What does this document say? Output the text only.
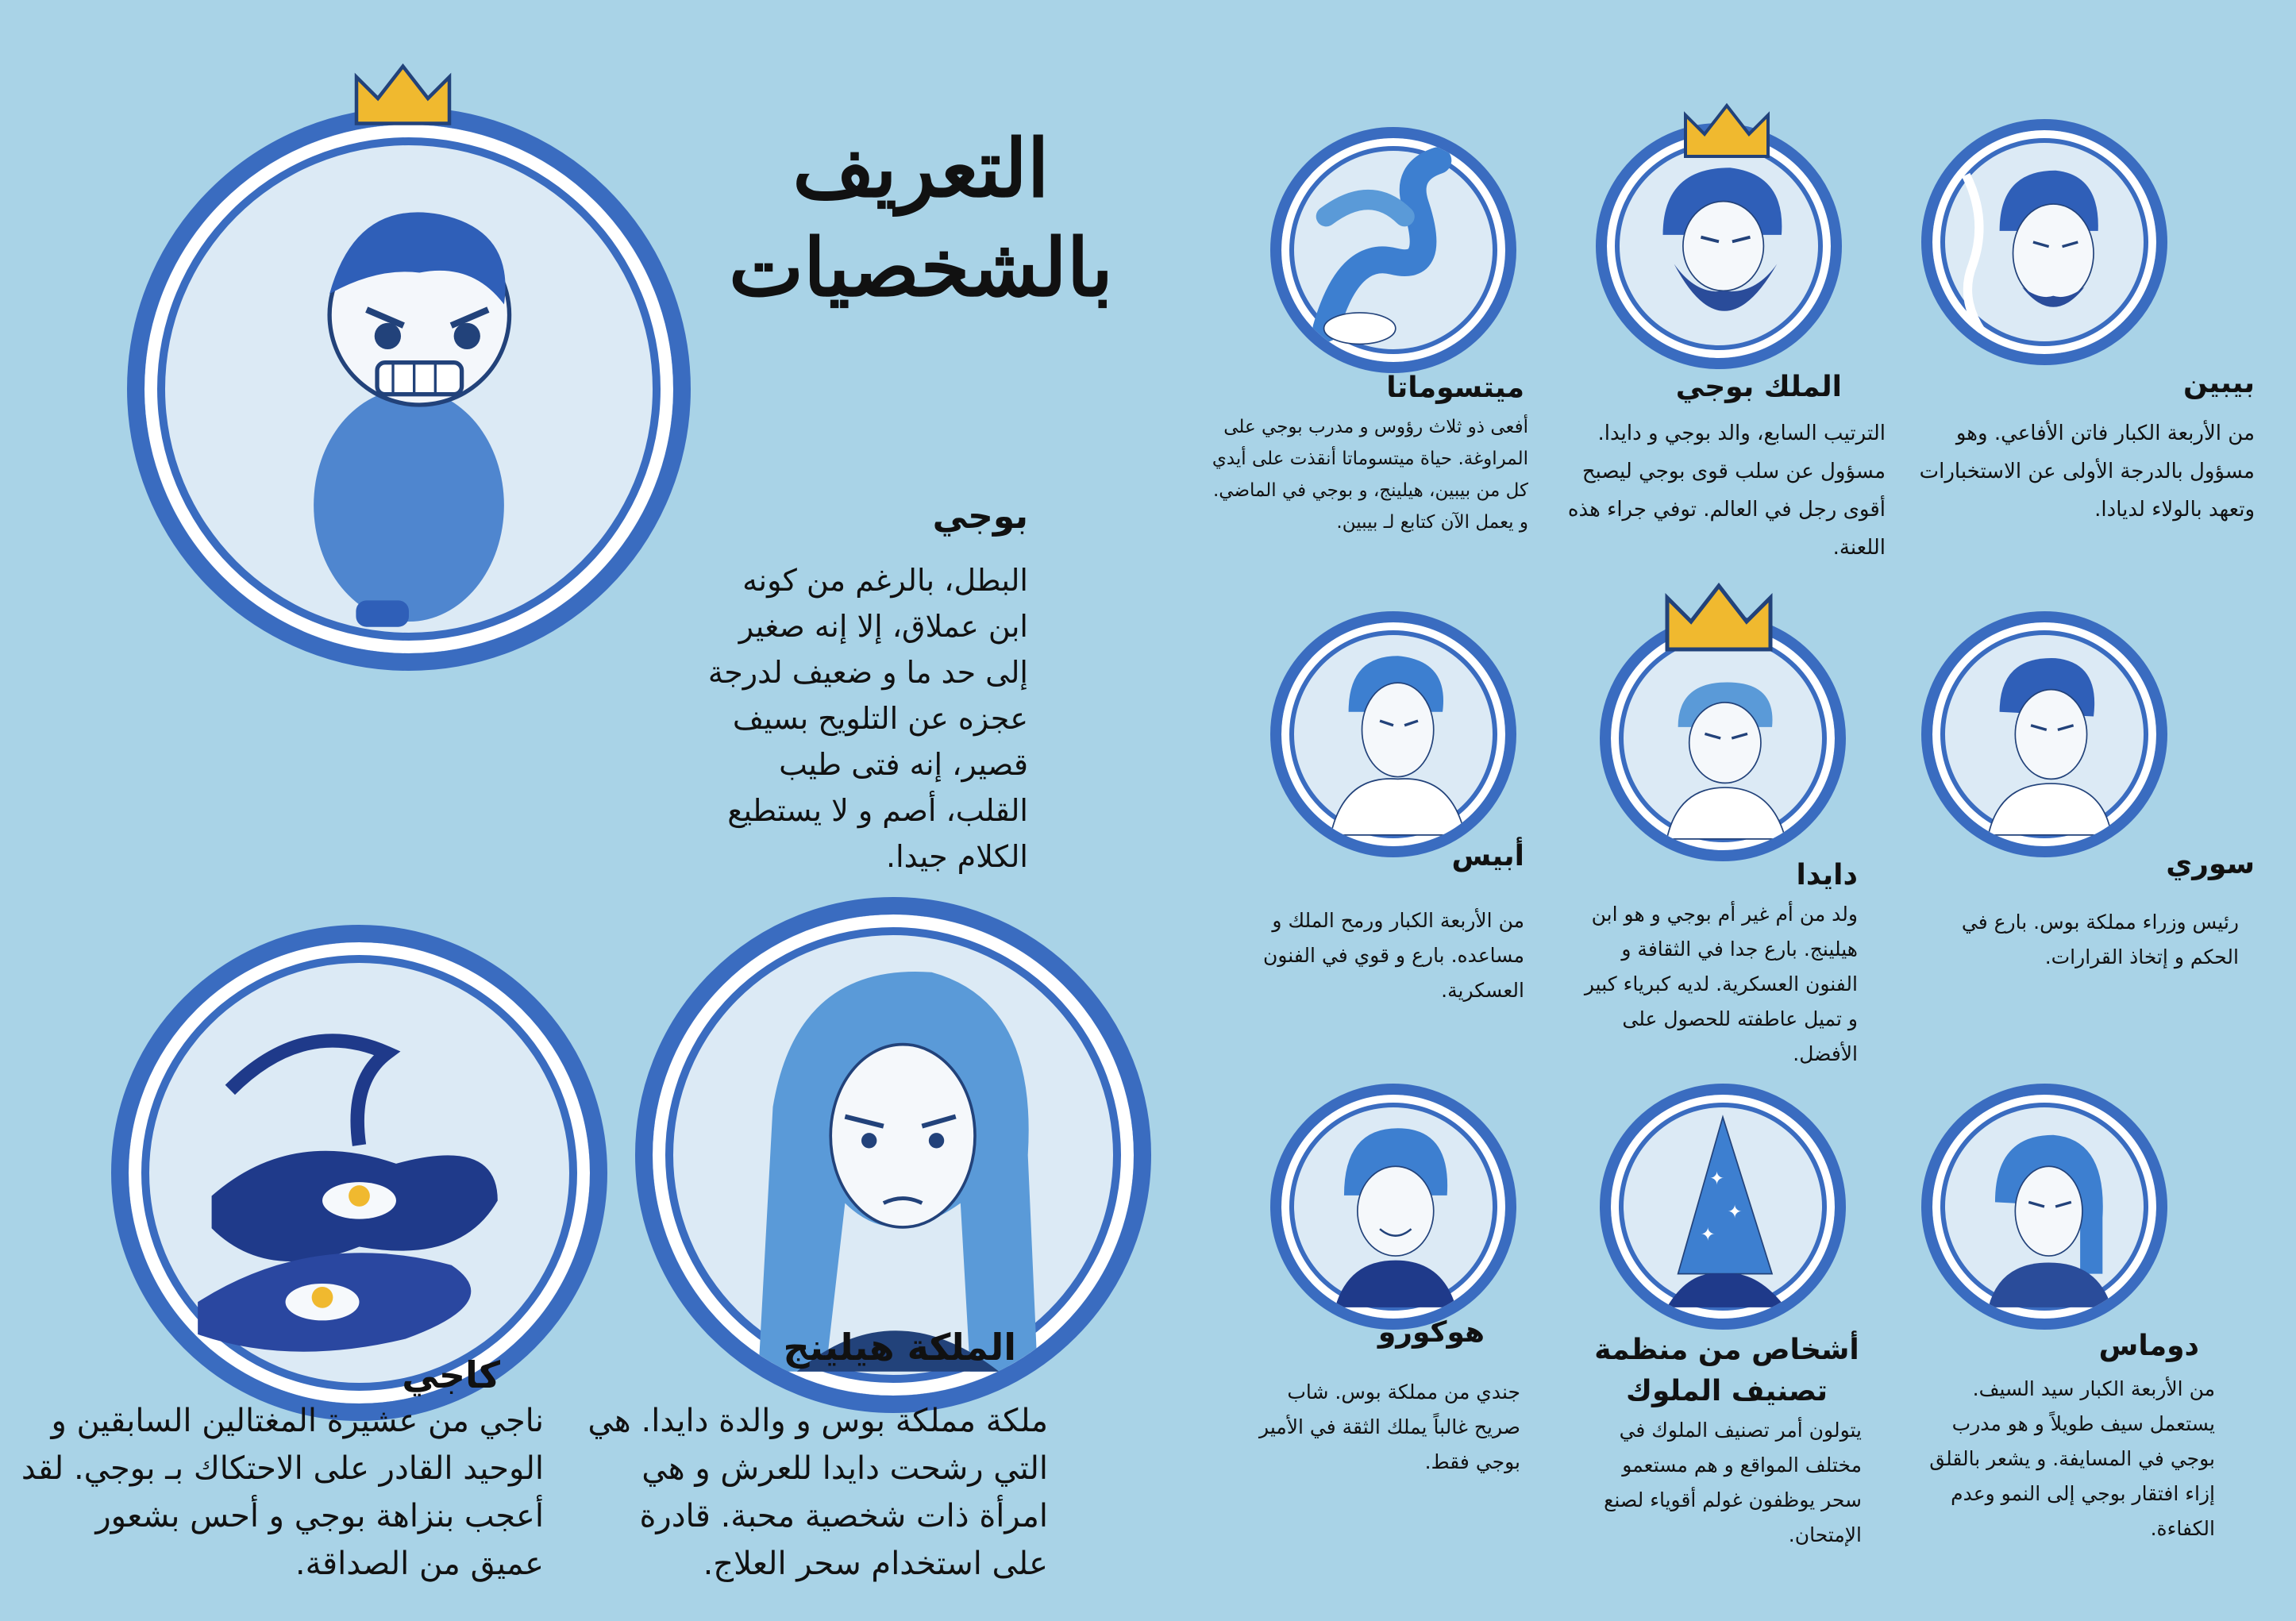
التعريف بالشخصيات
بوجي
البطل، بالرغم من كونه ابن عملاق، إلا إنه صغير إلى حد ما و ضعيف لدرجة عجزه عن التلويح بسيف قصير، إنه فتى طيب القلب، أصم و لا يستطيع الكلام جيدا.
كاجي
ناجي من عشيرة المغتالين السابقين و الوحيد القادر على الاحتكاك بـ بوجي. لقد أعجب بنزاهة بوجي و أحس بشعور عميق من الصداقة.
الملكة هيلينج
ملكة مملكة بوس و والدة دايدا. هي التي رشحت دايدا للعرش و هي امرأة ذات شخصية محبة. قادرة على استخدام سحر العلاج.
بيبين
من الأربعة الكبار فاتن الأفاعي. وهو مسؤول بالدرجة الأولى عن الاستخبارات وتعهد بالولاء لديادا.
الملك بوجي
الترتيب السابع، والد بوجي و دايدا. مسؤول عن سلب قوى بوجي ليصبح أقوى رجل في العالم. توفي جراء هذه اللعنة.
ميتسوماتا
أفعى ذو ثلاث رؤوس و مدرب بوجي على المراوغة. حياة ميتسوماتا أنقذت على أيدي كل من بيبين، هيلينج، و بوجي في الماضي. و يعمل الآن كتابع لـ بيبين.
سوري
رئيس وزراء مملكة بوس. بارع في الحكم و إتخاذ القرارات.
دايدا
ولد من أم غير أم بوجي و هو ابن هيلينج. بارع جدا في الثقافة و الفنون العسكرية. لديه كبرياء كبير و تميل عاطفته للحصول على الأفضل.
أبيس
من الأربعة الكبار ورمح الملك و مساعده. بارع و قوي في الفنون العسكرية.
دوماس
من الأربعة الكبار سيد السيف. يستعمل سيف طويلاً و هو مدرب بوجي في المسايفة. و يشعر بالقلق إزاء افتقار بوجي إلى النمو وعدم الكفاءة.
✦
✦
✦
أشخاص من منظمة تصنيف الملوك
يتولون أمر تصنيف الملوك في مختلف المواقع و هم مستعمو سحر يوظفون غولم أقوياء لصنع الإمتحان.
هوكورو
جندي من مملكة بوس. شاب صريح غالباً يملك الثقة في الأمير بوجي فقط.
